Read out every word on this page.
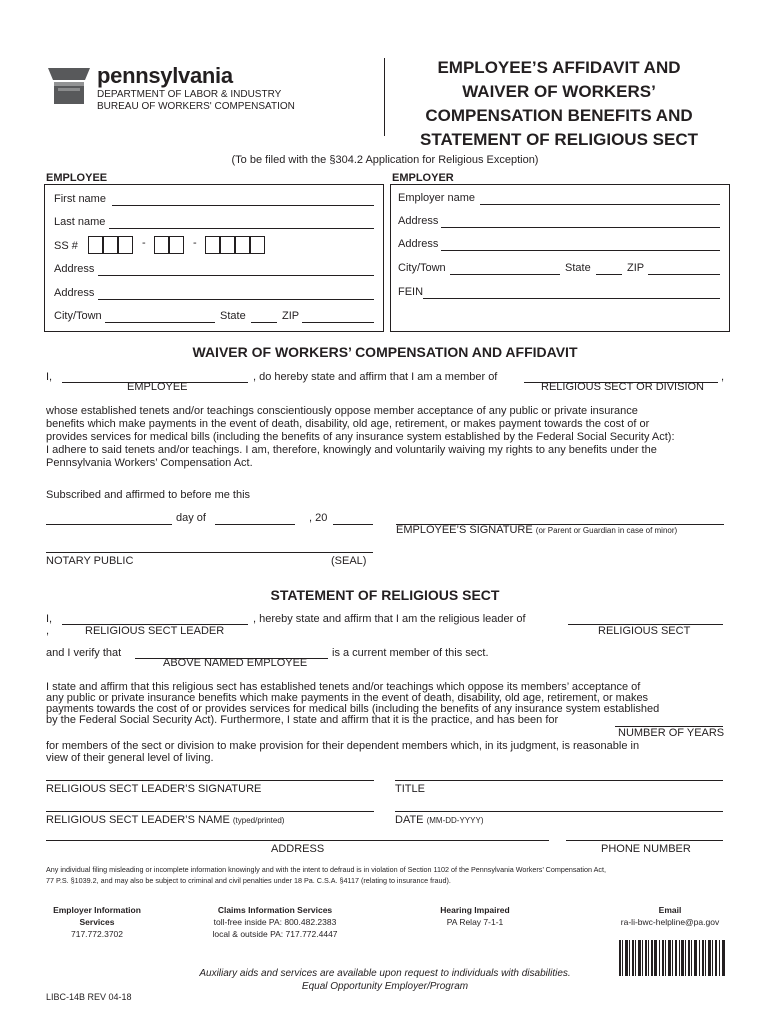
pennsylvania
DEPARTMENT OF LABOR & INDUSTRY
BUREAU OF WORKERS' COMPENSATION
EMPLOYEE’S AFFIDAVIT AND
WAIVER OF WORKERS’
COMPENSATION BENEFITS AND
STATEMENT OF RELIGIOUS SECT
(To be filed with the §304.2 Application for Religious Exception)
EMPLOYEE
First name
Last name
SS #	-	-
Address
Address
City/Town	State	ZIP
EMPLOYER
Employer name
Address
Address
City/Town	State	ZIP
FEIN
WAIVER OF WORKERS’ COMPENSATION AND AFFIDAVIT
I,	, do hereby state and affirm that I am a member of	,
EMPLOYEE	RELIGIOUS SECT OR DIVISION
whose established tenets and/or teachings conscientiously oppose member acceptance of any public or private insurance
benefits which make payments in the event of death, disability, old age, retirement, or makes payment towards the cost of or
provides services for medical bills (including the benefits of any insurance system established by the Federal Social Security Act):
I adhere to said tenets and/or teachings. I am, therefore, knowingly and voluntarily waiving my rights to any benefits under the
Pennsylvania Workers’ Compensation Act.
Subscribed and affirmed to before me this
day of	, 20
EMPLOYEE’S SIGNATURE (or Parent or Guardian in case of minor)
NOTARY PUBLIC	(SEAL)
STATEMENT OF RELIGIOUS SECT
I,	, hereby state and affirm that I am the religious leader of
,	RELIGIOUS SECT LEADER	RELIGIOUS SECT
and I verify that	is a current member of this sect.
ABOVE NAMED EMPLOYEE
I state and affirm that this religious sect has established tenets and/or teachings which oppose its members’ acceptance of
any public or private insurance benefits which make payments in the event of death, disability, old age, retirement, or makes
payments towards the cost of or provides services for medical bills (including the benefits of any insurance system established
by the Federal Social Security Act). Furthermore, I state and affirm that it is the practice, and has been for
NUMBER OF YEARS
for members of the sect or division to make provision for their dependent members which, in its judgment, is reasonable in
view of their general level of living.
RELIGIOUS SECT LEADER’S SIGNATURE	TITLE
RELIGIOUS SECT LEADER’S NAME (typed/printed)	DATE (MM-DD-YYYY)
ADDRESS	PHONE NUMBER
Any individual filing misleading or incomplete information knowingly and with the intent to defraud is in violation of Section 1102 of the Pennsylvania Workers’ Compensation Act,
77 P.S. §1039.2, and may also be subject to criminal and civil penalties under 18 Pa. C.S.A. §4117 (relating to insurance fraud).
Employer Information
Services
717.772.3702
Claims Information Services
toll-free inside PA: 800.482.2383
local & outside PA: 717.772.4447
Hearing Impaired
PA Relay 7-1-1
Email
ra-li-bwc-helpline@pa.gov
Auxiliary aids and services are available upon request to individuals with disabilities.
Equal Opportunity Employer/Program
LIBC-14B REV 04-18
